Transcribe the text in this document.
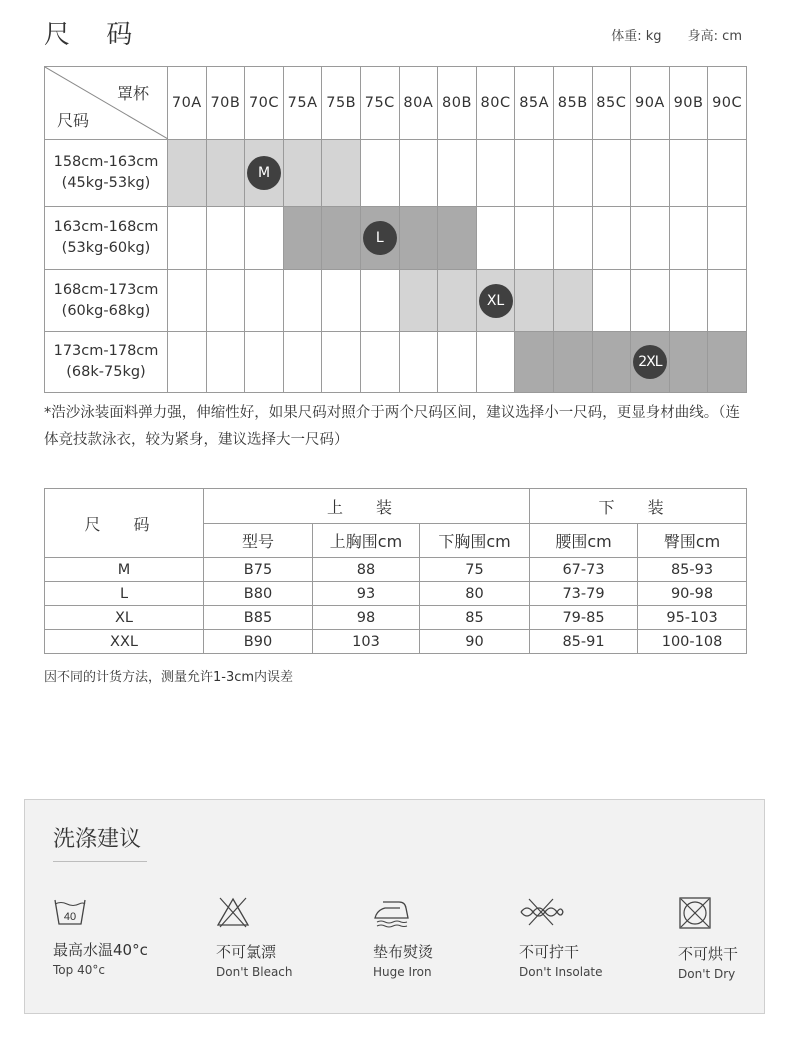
尺 码	体重: kg 身高: cm
罩杯
尺码	70A	70B	70C	75A	75B	75C	80A	80B	80C	85A	85B	85C	90A	90B	90C

158cm-163cm
(45kg-53kg)			M												

163cm-168cm
(53kg-60kg)						L									

168cm-173cm
(60kg-68kg)									XL						

173cm-178cm
(68k-75kg)													2XL		
*浩沙泳装面料弹力强，伸缩性好，如果尺码对照介于两个尺码区间，建议选择小一尺码，更显身材曲线。（连体竞技款泳衣，较为紧身，建议选择大一尺码）
尺 码	上 装			下 装	
	型号	上胸围cm	下胸围cm	腰围cm	臀围cm
M	B75	88	75	67-73	85-93
L	B80	93	80	73-79	90-98
XL	B85	98	85	79-85	95-103
XXL	B90	103	90	85-91	100-108
因不同的计货方法，测量允许1-3cm内误差
洗涤建议
40
最高水温40°c
Top 40°c
不可氯漂
Don't Bleach
垫布熨烫
Huge Iron
不可拧干
Don't Insolate
不可烘干
Don't Dry
